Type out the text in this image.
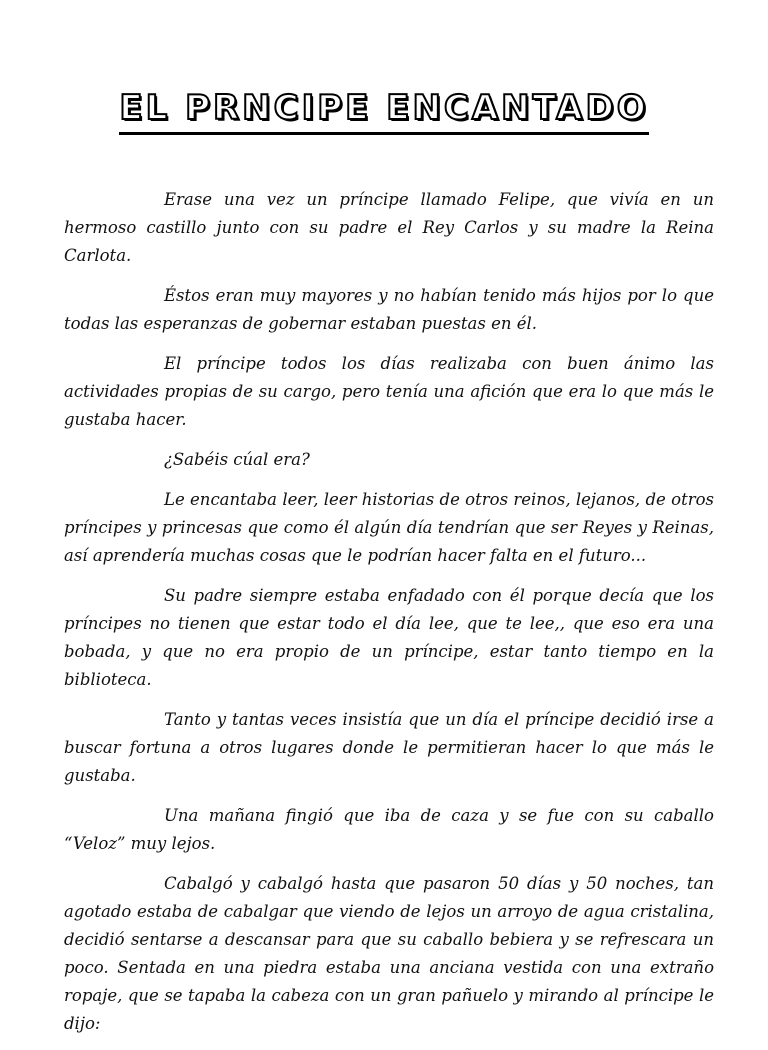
EL PRNCIPE ENCANTADO

Erase una vez un príncipe llamado Felipe, que vivía en un hermoso castillo junto con su padre el Rey Carlos y su madre la Reina Carlota.

Éstos eran muy mayores y no habían tenido más hijos por lo que todas las esperanzas de gobernar estaban puestas en él.

El príncipe todos los días realizaba con buen ánimo las actividades propias de su cargo, pero tenía una afición que era lo que más le gustaba hacer.

¿Sabéis cúal era?

Le encantaba leer, leer historias de otros reinos, lejanos, de otros príncipes y princesas que como él algún día tendrían que ser Reyes y Reinas, así aprendería muchas cosas que le podrían hacer falta en el futuro...

Su padre siempre estaba enfadado con él porque decía que los príncipes no tienen que estar todo el día lee, que te lee,, que eso era una bobada, y que no era propio de un príncipe, estar tanto tiempo en la biblioteca.

Tanto y tantas veces insistía que un día el príncipe decidió irse a buscar fortuna a otros lugares donde le permitieran hacer lo que más le gustaba.

Una mañana fingió que iba de caza y se fue con su caballo “Veloz” muy lejos.

Cabalgó y cabalgó hasta que pasaron 50 días y 50 noches, tan agotado estaba de cabalgar que viendo de lejos un arroyo de agua cristalina, decidió sentarse a descansar para que su caballo bebiera y se refrescara un poco. Sentada en una piedra estaba una anciana vestida con una extraño ropaje, que se tapaba la cabeza con un gran pañuelo y mirando al príncipe le dijo:
